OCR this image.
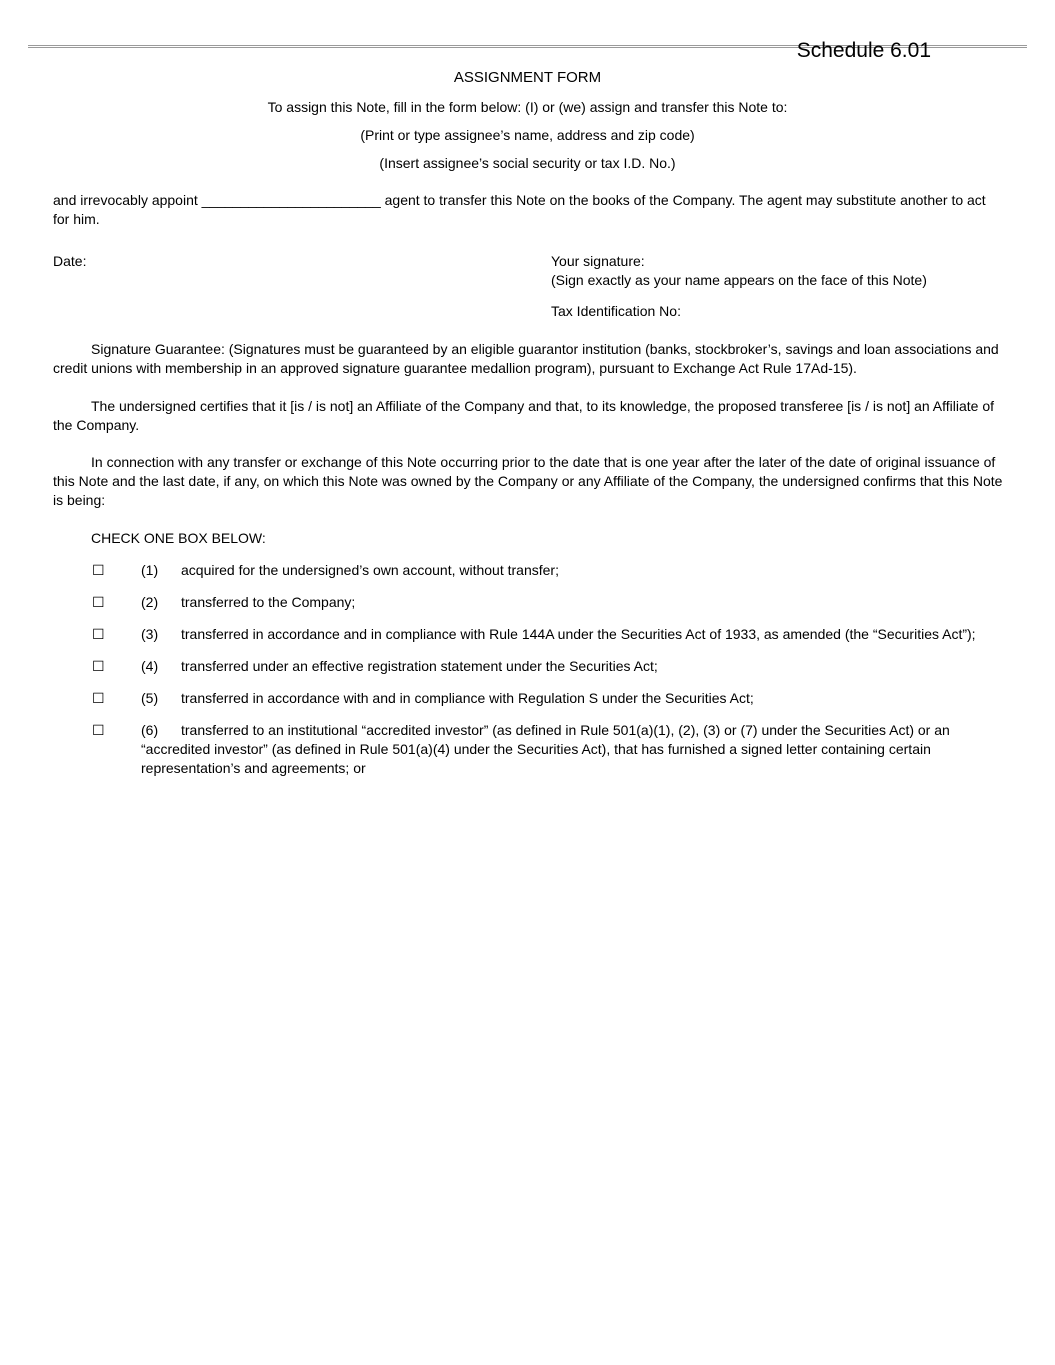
Schedule 6.01
ASSIGNMENT FORM
To assign this Note, fill in the form below: (I) or (we) assign and transfer this Note to:
(Print or type assignee’s name, address and zip code)
(Insert assignee’s social security or tax I.D. No.)
and irrevocably appoint _______________________ agent to transfer this Note on the books of the Company. The agent may substitute another to act for him.
Date:	Your signature:
(Sign exactly as your name appears on the face of this Note)
Tax Identification No:
Signature Guarantee: (Signatures must be guaranteed by an eligible guarantor institution (banks, stockbroker’s, savings and loan associations and credit unions with membership in an approved signature guarantee medallion program), pursuant to Exchange Act Rule 17Ad-15).
The undersigned certifies that it [is / is not] an Affiliate of the Company and that, to its knowledge, the proposed transferee [is / is not] an Affiliate of the Company.
In connection with any transfer or exchange of this Note occurring prior to the date that is one year after the later of the date of original issuance of this Note and the last date, if any, on which this Note was owned by the Company or any Affiliate of the Company, the undersigned confirms that this Note is being:
CHECK ONE BOX BELOW:
☐	(1) acquired for the undersigned’s own account, without transfer;
☐	(2) transferred to the Company;
☐	(3) transferred in accordance and in compliance with Rule 144A under the Securities Act of 1933, as amended (the “Securities Act”);
☐	(4) transferred under an effective registration statement under the Securities Act;
☐	(5) transferred in accordance with and in compliance with Regulation S under the Securities Act;
☐	(6)	transferred to an institutional “accredited investor” (as defined in Rule 501(a)(1), (2), (3) or (7) under the Securities Act) or an “accredited investor” (as defined in Rule 501(a)(4) under the Securities Act), that has furnished a signed letter containing certain representation’s and agreements; or
